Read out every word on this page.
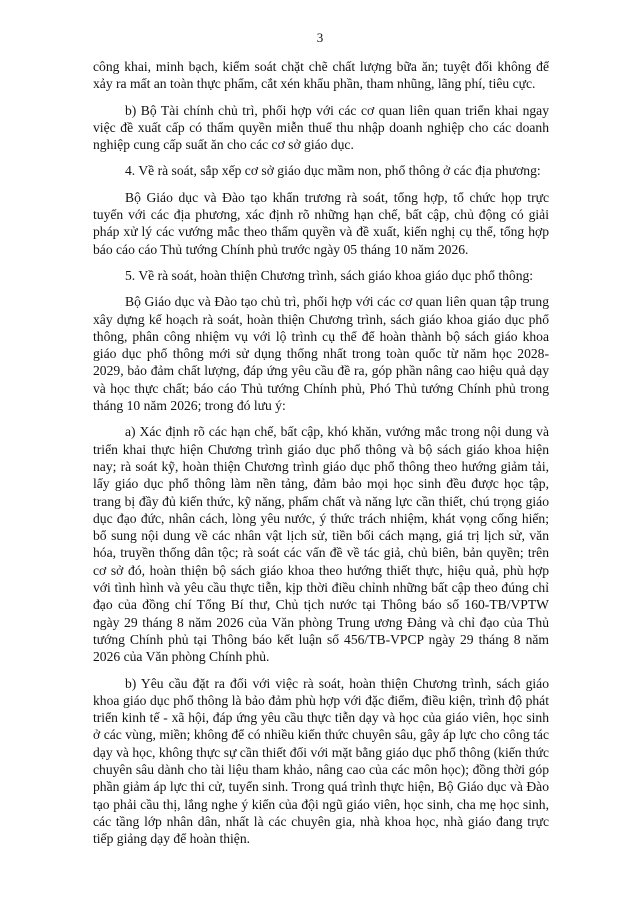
3

công khai, minh bạch, kiểm soát chặt chẽ chất lượng bữa ăn; tuyệt đối không để xảy ra mất an toàn thực phẩm, cắt xén khẩu phần, tham nhũng, lãng phí, tiêu cực.

b) Bộ Tài chính chủ trì, phối hợp với các cơ quan liên quan triển khai ngay việc đề xuất cấp có thẩm quyền miễn thuế thu nhập doanh nghiệp cho các doanh nghiệp cung cấp suất ăn cho các cơ sở giáo dục.

4. Về rà soát, sắp xếp cơ sở giáo dục mầm non, phổ thông ở các địa phương:

Bộ Giáo dục và Đào tạo khẩn trương rà soát, tổng hợp, tổ chức họp trực tuyến với các địa phương, xác định rõ những hạn chế, bất cập, chủ động có giải pháp xử lý các vướng mắc theo thẩm quyền và đề xuất, kiến nghị cụ thể, tổng hợp báo cáo cáo Thủ tướng Chính phủ trước ngày 05 tháng 10 năm 2026.

5. Về rà soát, hoàn thiện Chương trình, sách giáo khoa giáo dục phổ thông:

Bộ Giáo dục và Đào tạo chủ trì, phối hợp với các cơ quan liên quan tập trung xây dựng kế hoạch rà soát, hoàn thiện Chương trình, sách giáo khoa giáo dục phổ thông, phân công nhiệm vụ với lộ trình cụ thể để hoàn thành bộ sách giáo khoa giáo dục phổ thông mới sử dụng thống nhất trong toàn quốc từ năm học 2028-2029, bảo đảm chất lượng, đáp ứng yêu cầu đề ra, góp phần nâng cao hiệu quả dạy và học thực chất; báo cáo Thủ tướng Chính phủ, Phó Thủ tướng Chính phủ trong tháng 10 năm 2026; trong đó lưu ý:

a) Xác định rõ các hạn chế, bất cập, khó khăn, vướng mắc trong nội dung và triển khai thực hiện Chương trình giáo dục phổ thông và bộ sách giáo khoa hiện nay; rà soát kỹ, hoàn thiện Chương trình giáo dục phổ thông theo hướng giảm tải, lấy giáo dục phổ thông làm nền tảng, đảm bảo mọi học sinh đều được học tập, trang bị đầy đủ kiến thức, kỹ năng, phẩm chất và năng lực cần thiết, chú trọng giáo dục đạo đức, nhân cách, lòng yêu nước, ý thức trách nhiệm, khát vọng cống hiến; bổ sung nội dung về các nhân vật lịch sử, tiền bối cách mạng, giá trị lịch sử, văn hóa, truyền thống dân tộc; rà soát các vấn đề về tác giả, chủ biên, bản quyền; trên cơ sở đó, hoàn thiện bộ sách giáo khoa theo hướng thiết thực, hiệu quả, phù hợp với tình hình và yêu cầu thực tiễn, kịp thời điều chỉnh những bất cập theo đúng chỉ đạo của đồng chí Tổng Bí thư, Chủ tịch nước tại Thông báo số 160-TB/VPTW ngày 29 tháng 8 năm 2026 của Văn phòng Trung ương Đảng và chỉ đạo của Thủ tướng Chính phủ tại Thông báo kết luận số 456/TB-VPCP ngày 29 tháng 8 năm 2026 của Văn phòng Chính phủ.

b) Yêu cầu đặt ra đối với việc rà soát, hoàn thiện Chương trình, sách giáo khoa giáo dục phổ thông là bảo đảm phù hợp với đặc điểm, điều kiện, trình độ phát triển kinh tế - xã hội, đáp ứng yêu cầu thực tiễn dạy và học của giáo viên, học sinh ở các vùng, miền; không để có nhiều kiến thức chuyên sâu, gây áp lực cho công tác dạy và học, không thực sự cần thiết đối với mặt bằng giáo dục phổ thông (kiến thức chuyên sâu dành cho tài liệu tham khảo, nâng cao của các môn học); đồng thời góp phần giảm áp lực thi cử, tuyển sinh. Trong quá trình thực hiện, Bộ Giáo dục và Đào tạo phải cầu thị, lắng nghe ý kiến của đội ngũ giáo viên, học sinh, cha mẹ học sinh, các tầng lớp nhân dân, nhất là các chuyên gia, nhà khoa học, nhà giáo đang trực tiếp giảng dạy để hoàn thiện.
